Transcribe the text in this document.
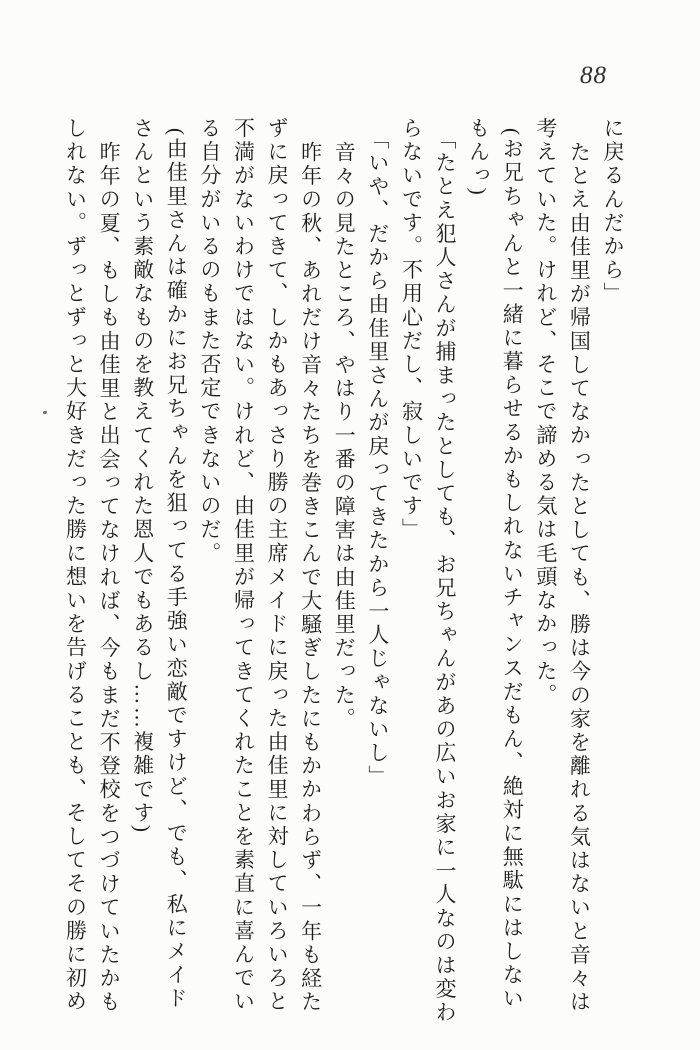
88
に戻るんだから」
たとえ由佳里が帰国してなかったとしても、勝は今の家を離れる気はないと音々は
考えていた。けれど、そこで諦める気は毛頭なかった。
(お兄ちゃんと一緒に暮らせるかもしれないチャンスだもん、絶対に無駄にはしない
もんっ)
「たとえ犯人さんが捕まったとしても、お兄ちゃんがあの広いお家に一人なのは変わ
らないです。不用心だし、寂しいです」
「いや、だから由佳里さんが戻ってきたから一人じゃないし」
音々の見たところ、やはり一番の障害は由佳里だった。
昨年の秋、あれだけ音々たちを巻きこんで大騒ぎしたにもかかわらず、一年も経た
ずに戻ってきて、しかもあっさり勝の主席メイドに戻った由佳里に対していろいろと
不満がないわけではない。けれど、由佳里が帰ってきてくれたことを素直に喜んでい
る自分がいるのもまた否定できないのだ。
(由佳里さんは確かにお兄ちゃんを狙ってる手強い恋敵ですけど、でも、私にメイド
さんという素敵なものを教えてくれた恩人でもあるし……複雑です)
昨年の夏、もしも由佳里と出会ってなければ、今もまだ不登校をつづけていたかも
しれない。ずっとずっと大好きだった勝に想いを告げることも、そしてその勝に初め
